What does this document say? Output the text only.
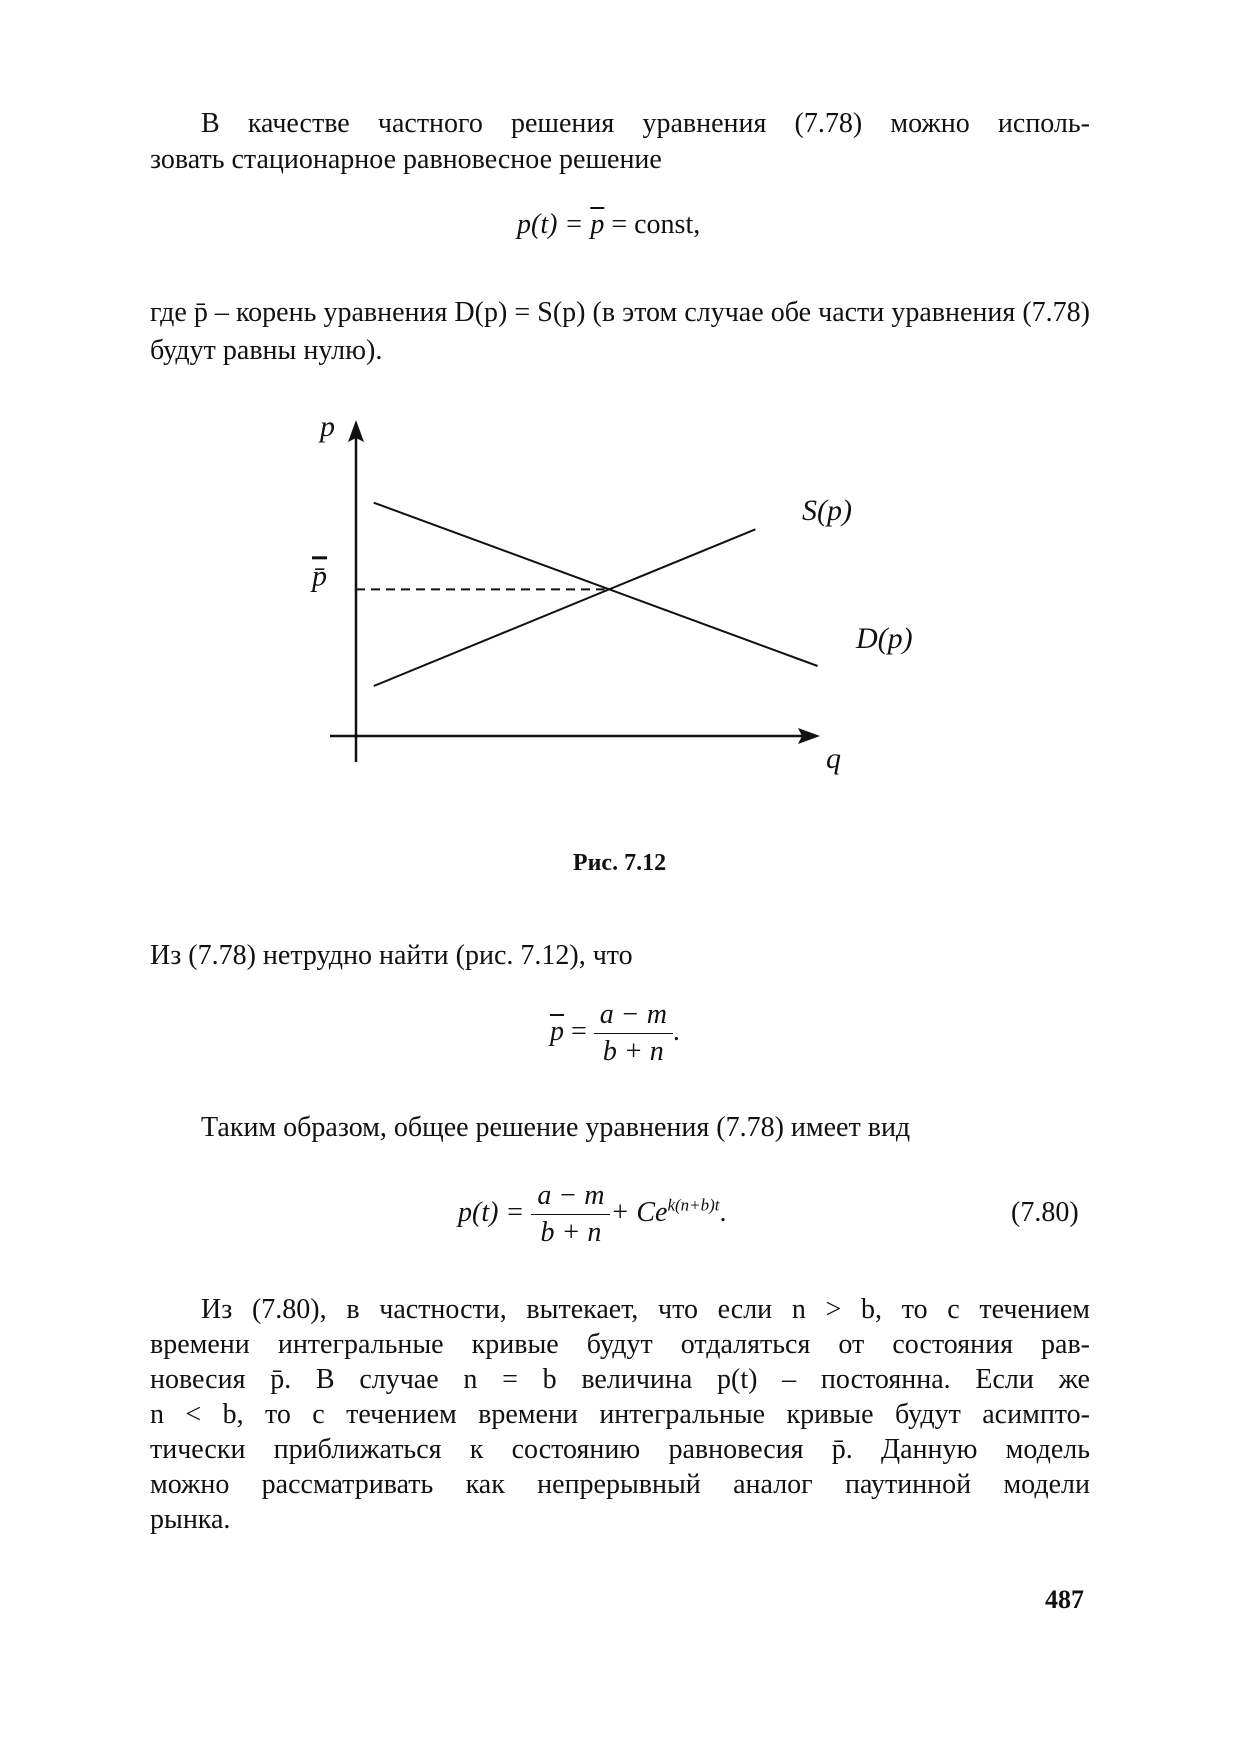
В качестве частного решения уравнения (7.78) можно исполь-
зовать стационарное равновесное решение
$p(t) = \overline{p}$ = const,
где p̄ – корень уравнения D(p) = S(p) (в этом случае обе части уравнения (7.78) будут равны нулю).
p
q
p̄
S(p)
D(p)
Рис. 7.12
Из (7.78) нетрудно найти (рис. 7.12), что
$\overline{p} = \frac{a - m}{b + n}$ .
Таким образом, общее решение уравнения (7.78) имеет вид
$p(t) = \frac{a - m}{b + n} + Ce^{k(n+b)t}$.	(7.80)
Из (7.80), в частности, вытекает, что если n > b, то с течением
времени интегральные кривые будут отдаляться от состояния рав-
новесия p̄. В случае n = b величина p(t) – постоянна. Если же
n < b, то с течением времени интегральные кривые будут асимпто-
тически приближаться к состоянию равновесия p̄. Данную модель
можно рассматривать как непрерывный аналог паутинной модели
рынка.
487
